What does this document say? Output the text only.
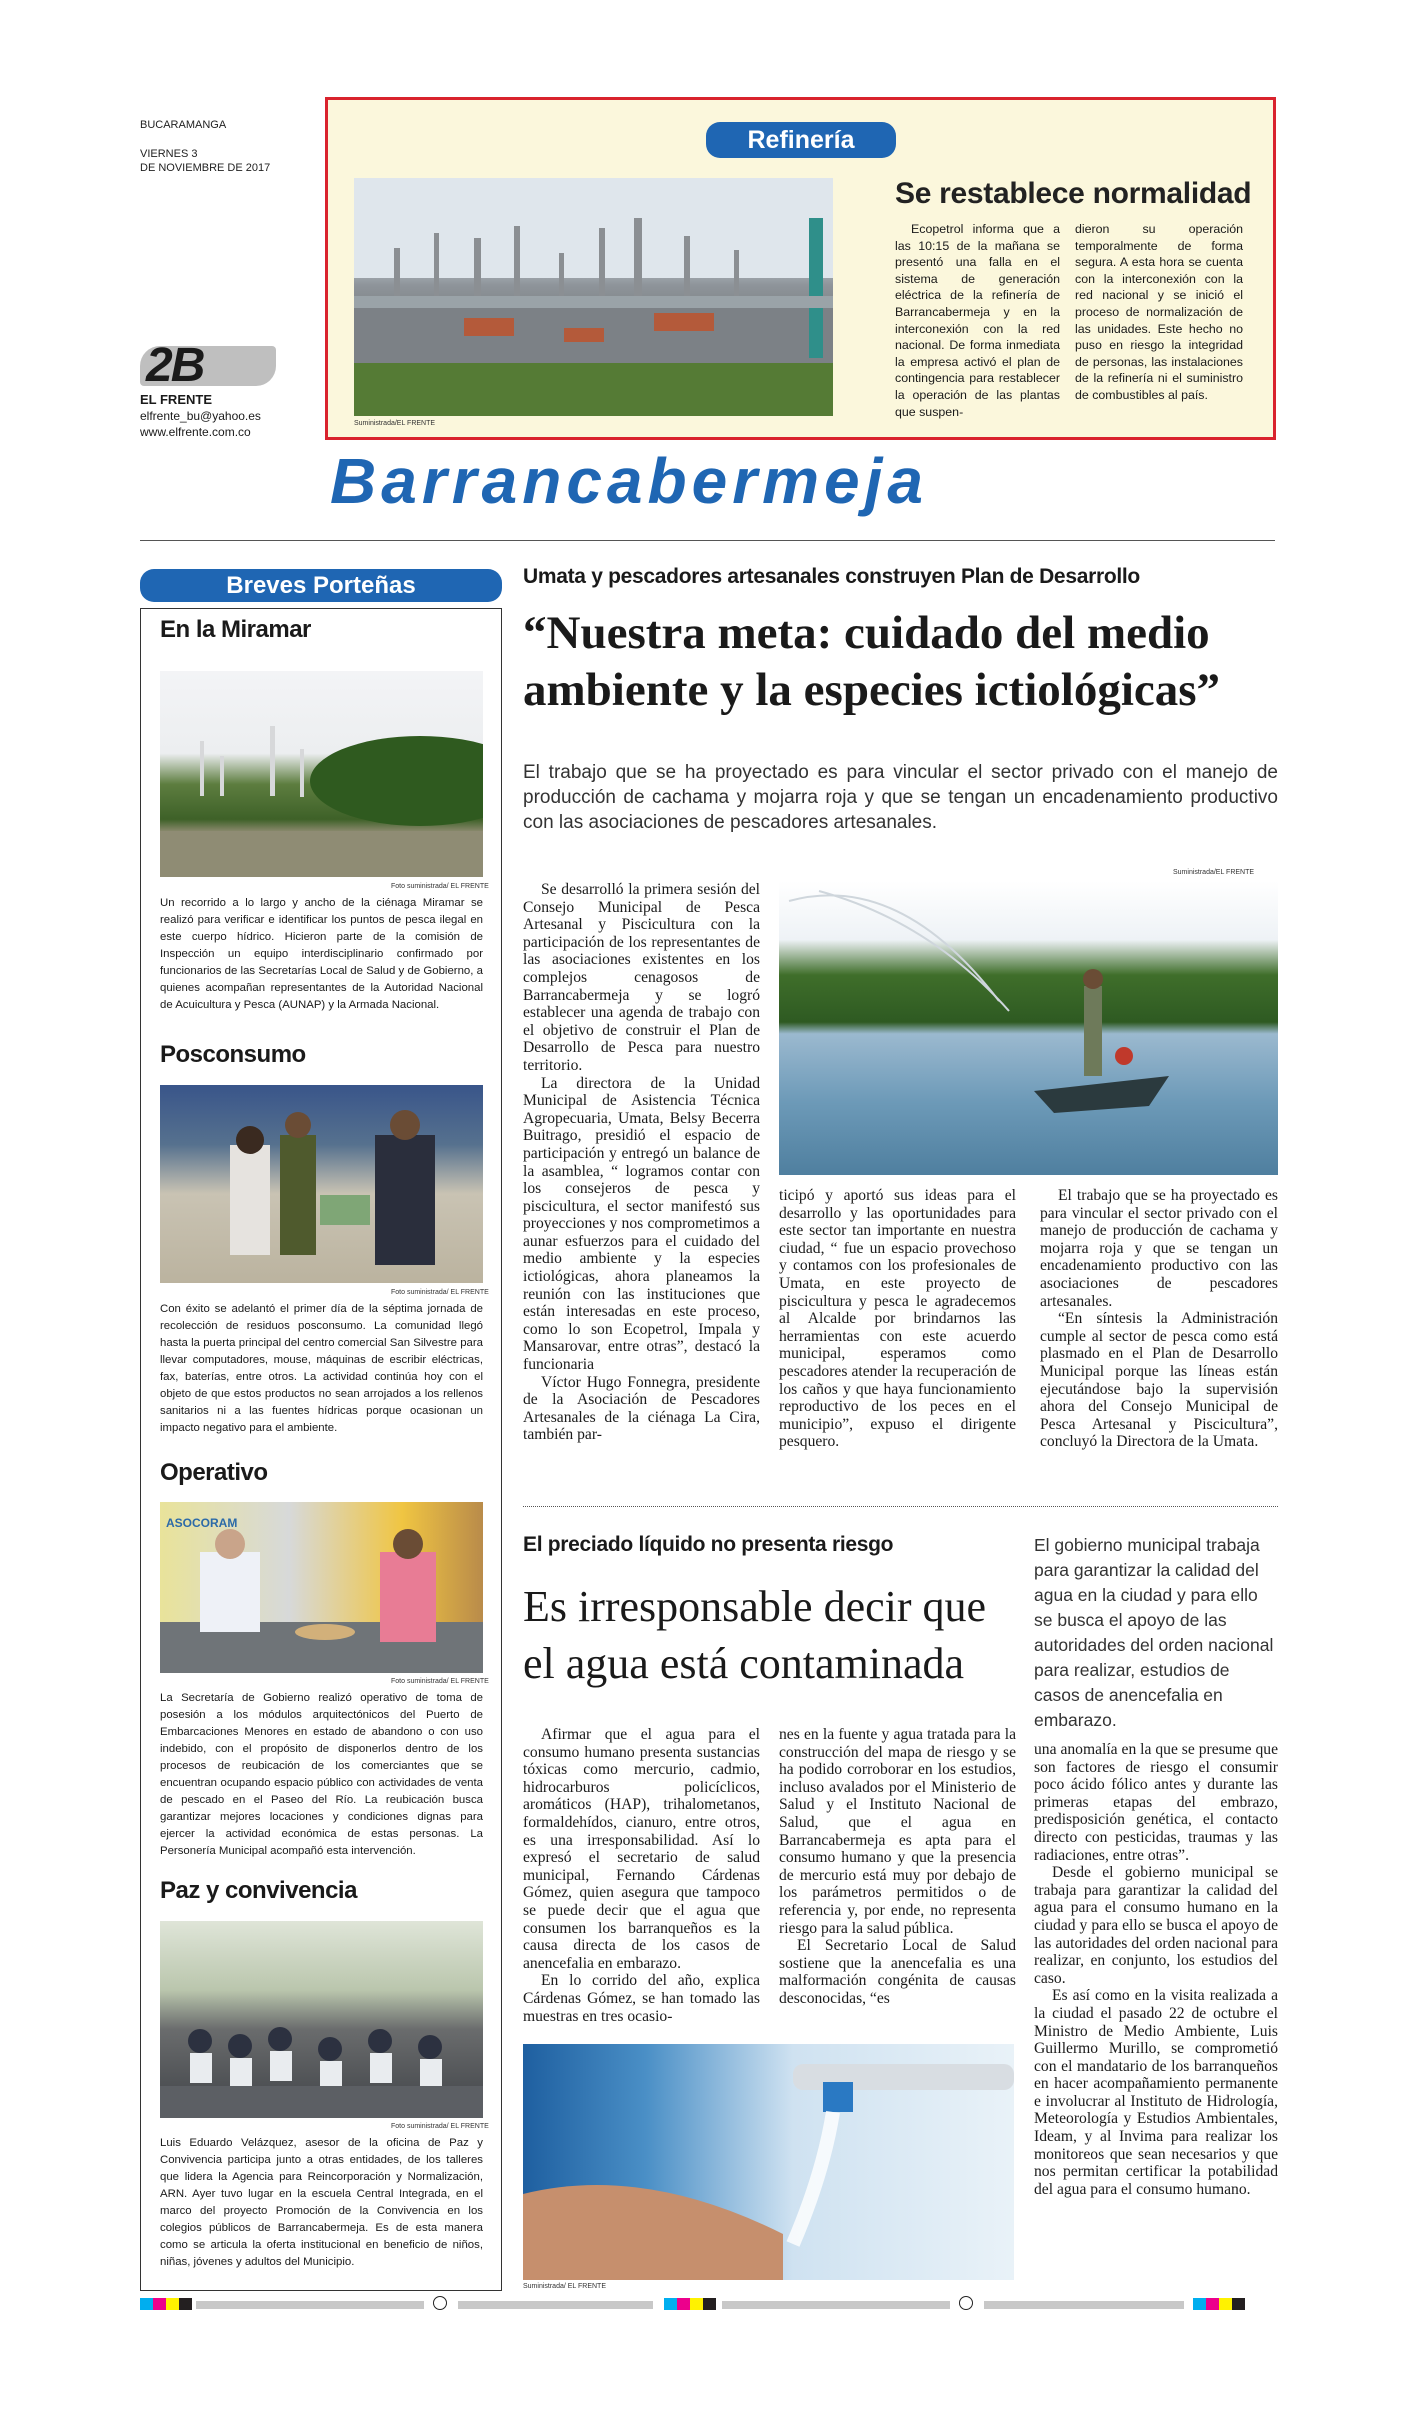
BUCARAMANGA
VIERNES 3
DE NOVIEMBRE DE 2017
2B
EL FRENTE
elfrente_bu@yahoo.es
www.elfrente.com.co
Refinería
Suministrada/EL FRENTE
Se restablece normalidad
Ecopetrol informa que a las 10:15 de la mañana se presentó una falla en el sistema de generación eléctrica de la refinería de Barrancabermeja y en la interconexión con la red nacional. De forma inmediata la empresa activó el plan de contingencia para restablecer la operación de las plantas que suspen-
dieron su operación temporalmente de forma segura. A esta hora se cuenta con la interconexión con la red nacional y se inició el proceso de normalización de las unidades. Este hecho no puso en riesgo la integridad de personas, las instalaciones de la refinería ni el suministro de combustibles al país.
Barrancabermeja
Breves Porteñas
En la Miramar
Foto suministrada/ EL FRENTE
Un recorrido a lo largo y ancho de la ciénaga Miramar se realizó para verificar e identificar los puntos de pesca ilegal en este cuerpo hídrico. Hicieron parte de la comisión de Inspección un equipo interdisciplinario confirmado por funcionarios de las Secretarías Local de Salud y de Gobierno, a quienes acompañan representantes de la Autoridad Nacional de Acuicultura y Pesca (AUNAP) y la Armada Nacional.
Posconsumo
Foto suministrada/ EL FRENTE
Con éxito se adelantó el primer día de la séptima jornada de recolección de residuos posconsumo. La comunidad llegó hasta la puerta principal del centro comercial San Silvestre para llevar computadores, mouse, máquinas de escribir eléctricas, fax, baterías, entre otros. La actividad continúa hoy con el objeto de que estos productos no sean arrojados a los rellenos sanitarios ni a las fuentes hídricas porque ocasionan un impacto negativo para el ambiente.
Operativo
ASOCORAM
Foto suministrada/ EL FRENTE
La Secretaría de Gobierno realizó operativo de toma de posesión a los módulos arquitectónicos del Puerto de Embarcaciones Menores en estado de abandono o con uso indebido, con el propósito de disponerlos dentro de los procesos de reubicación de los comerciantes que se encuentran ocupando espacio público con actividades de venta de pescado en el Paseo del Río. La reubicación busca garantizar mejores locaciones y condiciones dignas para ejercer la actividad económica de estas personas. La Personería Municipal acompañó esta intervención.
Paz y convivencia
Foto suministrada/ EL FRENTE
Luis Eduardo Velázquez, asesor de la oficina de Paz y Convivencia participa junto a otras entidades, de los talleres que lidera la Agencia para Reincorporación y Normalización, ARN. Ayer tuvo lugar en la escuela Central Integrada, en el marco del proyecto Promoción de la Convivencia en los colegios públicos de Barrancabermeja. Es de esta manera como se articula la oferta institucional en beneficio de niños, niñas, jóvenes y adultos del Municipio.
Umata y pescadores artesanales construyen Plan de Desarrollo
“Nuestra meta: cuidado del medio ambiente y la especies ictiológicas”
El trabajo que se ha proyectado es para vincular el sector privado con el manejo de producción de cachama y mojarra roja y que se tengan un encadenamiento productivo con las asociaciones de pescadores artesanales.
Suministrada/EL FRENTE

Se desarrolló la primera sesión del Consejo Municipal de Pesca Artesanal y Piscicultura con la participación de los representantes de las asociaciones existentes en los complejos cenagosos de Barrancabermeja y se logró establecer una agenda de trabajo con el objetivo de construir el Plan de Desarrollo de Pesca para nuestro territorio.

La directora de la Unidad Municipal de Asistencia Técnica Agropecuaria, Umata, Belsy Becerra Buitrago, presidió el espacio de participación y entregó un balance de la asamblea, “ logramos contar con los consejeros de pesca y piscicultura, el sector manifestó sus proyecciones y nos comprometimos a aunar esfuerzos para el cuidado del medio ambiente y la especies ictiológicas, ahora planeamos la reunión con las instituciones que están interesadas en este proceso, como lo son Ecopetrol, Impala y Mansarovar, entre otras”, destacó la funcionaria

Víctor Hugo Fonnegra, presidente de la Asociación de Pescadores Artesanales de la ciénaga La Cira, también par-

ticipó y aportó sus ideas para el desarrollo y las oportunidades para este sector tan importante en nuestra ciudad, “ fue un espacio provechoso y contamos con los profesionales de Umata, en este proyecto de piscicultura y pesca le agradecemos al Alcalde por brindarnos las herramientas con este acuerdo municipal, esperamos como pescadores atender la recuperación de los caños y que haya funcionamiento reproductivo de los peces en el municipio”, expuso el dirigente pesquero.

El trabajo que se ha proyectado es para vincular el sector privado con el manejo de producción de cachama y mojarra roja y que se tengan un encadenamiento productivo con las asociaciones de pescadores artesanales.

“En síntesis la Administración cumple al sector de pesca como está plasmado en el Plan de Desarrollo Municipal porque las líneas están ejecutándose bajo la supervisión ahora del Consejo Municipal de Pesca Artesanal y Piscicultura”, concluyó la Directora de la Umata.

El preciado líquido no presenta riesgo
Es irresponsable decir que el agua está contaminada
El gobierno municipal trabaja para garantizar la calidad del agua en la ciudad y para ello se busca el apoyo de las autoridades del orden nacional para realizar, estudios de casos de anencefalia en embarazo.

Afirmar que el agua para el consumo humano presenta sustancias tóxicas como mercurio, cadmio, hidrocarburos policíclicos, aromáticos (HAP), trihalometanos, formaldehídos, cianuro, entre otros, es una irresponsabilidad. Así lo expresó el secretario de salud municipal, Fernando Cárdenas Gómez, quien asegura que tampoco se puede decir que el agua que consumen los barranqueños es la causa directa de los casos de anencefalia en embarazo.

En lo corrido del año, explica Cárdenas Gómez, se han tomado las muestras en tres ocasio-

nes en la fuente y agua tratada para la construcción del mapa de riesgo y se ha podido corroborar en los estudios, incluso avalados por el Ministerio de Salud y el Instituto Nacional de Salud, que el agua en Barrancabermeja es apta para el consumo humano y que la presencia de mercurio está muy por debajo de los parámetros permitidos o de referencia y, por ende, no representa riesgo para la salud pública.

El Secretario Local de Salud sostiene que la anencefalia es una malformación congénita de causas desconocidas, “es

una anomalía en la que se presume que son factores de riesgo el consumir poco ácido fólico antes y durante las primeras etapas del embrazo, predisposición genética, el contacto directo con pesticidas, traumas y las radiaciones, entre otras”.

Desde el gobierno municipal se trabaja para garantizar la calidad del agua para el consumo humano en la ciudad y para ello se busca el apoyo de las autoridades del orden nacional para realizar, en conjunto, los estudios del caso.

Es así como en la visita realizada a la ciudad el pasado 22 de octubre el Ministro de Medio Ambiente, Luis Guillermo Murillo, se comprometió con el mandatario de los barranqueños en hacer acompañamiento permanente e involucrar al Instituto de Hidrología, Meteorología y Estudios Ambientales, Ideam, y al Invima para realizar los monitoreos que sean necesarios y que nos permitan certificar la potabilidad del agua para el consumo humano.

Suministrada/ EL FRENTE
